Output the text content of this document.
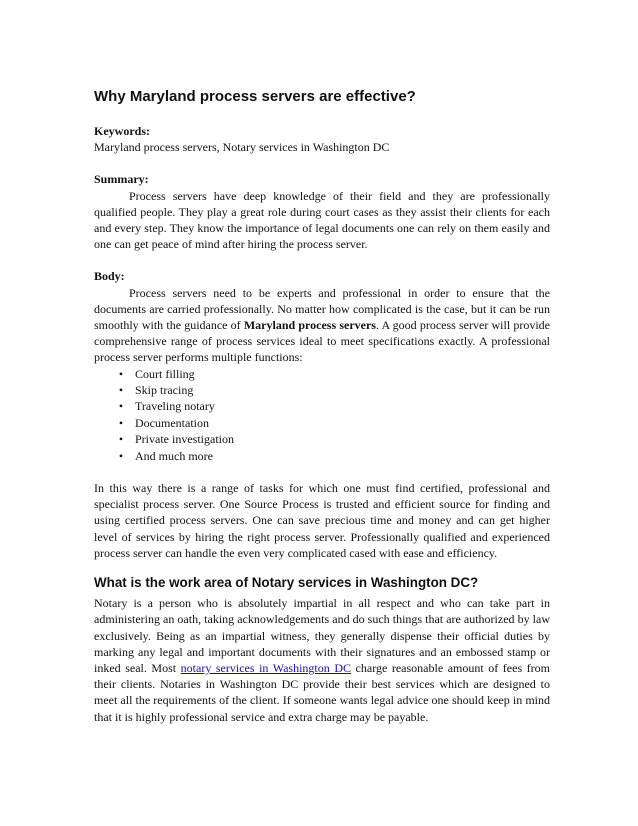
Why Maryland process servers are effective?
Keywords:

Maryland process servers, Notary services in Washington DC

Summary:

Process servers have deep knowledge of their field and they are professionally qualified people. They play a great role during court cases as they assist their clients for each and every step. They know the importance of legal documents one can rely on them easily and one can get peace of mind after hiring the process server.

Body:

Process servers need to be experts and professional in order to ensure that the documents are carried professionally. No matter how complicated is the case, but it can be run smoothly with the guidance of Maryland process servers. A good process server will provide comprehensive range of process services ideal to meet specifications exactly. A professional process server performs multiple functions:

• Court filling
• Skip tracing
• Traveling notary
• Documentation
• Private investigation
• And much more

In this way there is a range of tasks for which one must find certified, professional and specialist process server. One Source Process is trusted and efficient source for finding and using certified process servers. One can save precious time and money and can get higher level of services by hiring the right process server. Professionally qualified and experienced process server can handle the even very complicated cased with ease and efficiency.

What is the work area of Notary services in Washington DC?

Notary is a person who is absolutely impartial in all respect and who can take part in administering an oath, taking acknowledgements and do such things that are authorized by law exclusively. Being as an impartial witness, they generally dispense their official duties by marking any legal and important documents with their signatures and an embossed stamp or inked seal. Most notary services in Washington DC charge reasonable amount of fees from their clients. Notaries in Washington DC provide their best services which are designed to meet all the requirements of the client. If someone wants legal advice one should keep in mind that it is highly professional service and extra charge may be payable.
